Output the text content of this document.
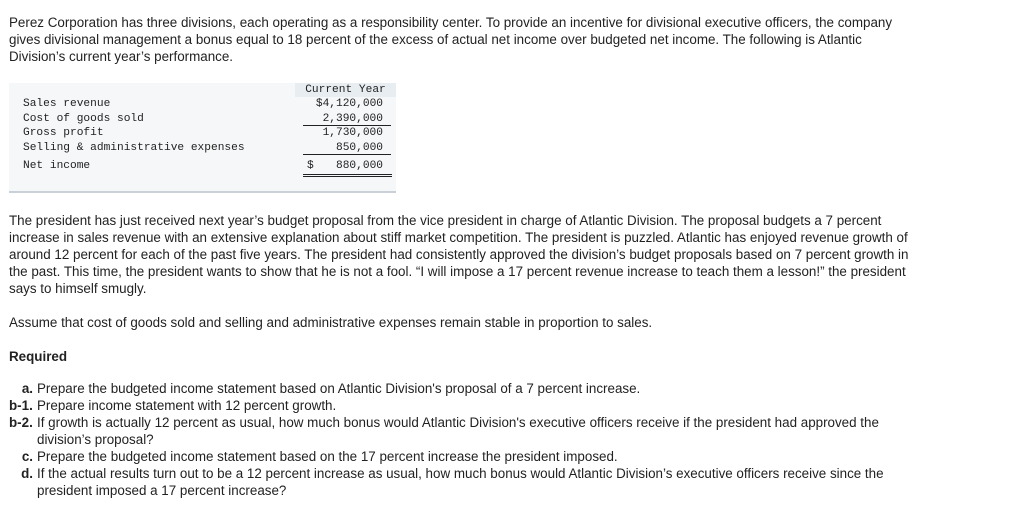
Perez Corporation has three divisions, each operating as a responsibility center. To provide an incentive for divisional executive officers, the company gives divisional management a bonus equal to 18 percent of the excess of actual net income over budgeted net income. The following is Atlantic Division’s current year’s performance.

Current Year
Sales revenue	$4,120,000
Cost of goods sold	2,390,000
Gross profit	1,730,000
Selling & administrative expenses	850,000
Net income	$	880,000

The president has just received next year’s budget proposal from the vice president in charge of Atlantic Division. The proposal budgets a 7 percent increase in sales revenue with an extensive explanation about stiff market competition. The president is puzzled. Atlantic has enjoyed revenue growth of around 12 percent for each of the past five years. The president had consistently approved the division’s budget proposals based on 7 percent growth in the past. This time, the president wants to show that he is not a fool. “I will impose a 17 percent revenue increase to teach them a lesson!” the president says to himself smugly.

Assume that cost of goods sold and selling and administrative expenses remain stable in proportion to sales.

Required

a. Prepare the budgeted income statement based on Atlantic Division's proposal of a 7 percent increase.
b-1. Prepare income statement with 12 percent growth.
b-2. If growth is actually 12 percent as usual, how much bonus would Atlantic Division's executive officers receive if the president had approved the division’s proposal?
c. Prepare the budgeted income statement based on the 17 percent increase the president imposed.
d. If the actual results turn out to be a 12 percent increase as usual, how much bonus would Atlantic Division’s executive officers receive since the president imposed a 17 percent increase?
